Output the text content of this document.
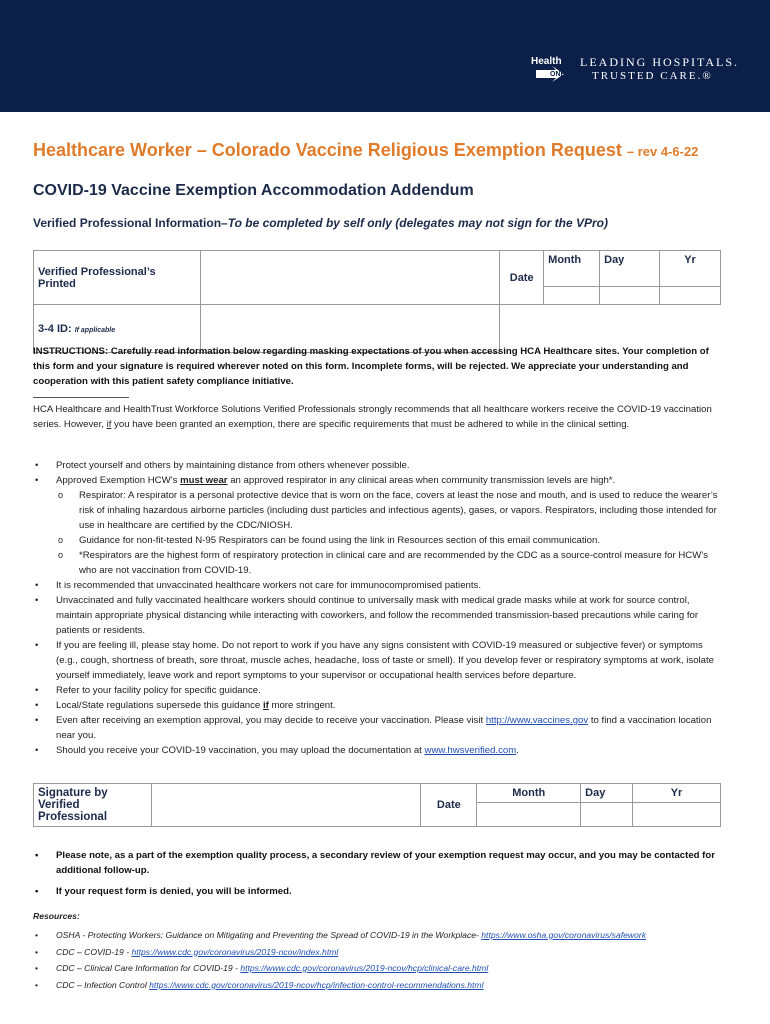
Health
ONE
LEADING HOSPITALS.
TRUSTED CARE.®
Healthcare Worker – Colorado Vaccine Religious Exemption Request – rev 4-6-22
COVID-19 Vaccine Exemption Accommodation Addendum
Verified Professional Information–To be completed by self only (delegates may not sign for the VPro)
Verified Professional’s Printed		Date	Month	Day	Yr

3-4 ID: If applicable					
INSTRUCTIONS: Carefully read information below regarding masking expectations of you when accessing HCA Healthcare sites. Your completion of this form and your signature is required wherever noted on this form. Incomplete forms, will be rejected. We appreciate your understanding and cooperation with this patient safety compliance initiative.
HCA Healthcare and HealthTrust Workforce Solutions Verified Professionals strongly recommends that all healthcare workers receive the COVID-19 vaccination series. However, if you have been granted an exemption, there are specific requirements that must be adhered to while in the clinical setting.
• Protect yourself and others by maintaining distance from others whenever possible.
• Approved Exemption HCW’s must wear an approved respirator in any clinical areas when community transmission levels are high*.
o Respirator: A respirator is a personal protective device that is worn on the face, covers at least the nose and mouth, and is used to reduce the wearer’s risk of inhaling hazardous airborne particles (including dust particles and infectious agents), gases, or vapors. Respirators, including those intended for use in healthcare are certified by the CDC/NIOSH.
o Guidance for non-fit-tested N-95 Respirators can be found using the link in Resources section of this email communication.
o *Respirators are the highest form of respiratory protection in clinical care and are recommended by the CDC as a source-control measure for HCW’s who are not vaccination from COVID-19.
• It is recommended that unvaccinated healthcare workers not care for immunocompromised patients.
• Unvaccinated and fully vaccinated healthcare workers should continue to universally mask with medical grade masks while at work for source control, maintain appropriate physical distancing while interacting with coworkers, and follow the recommended transmission-based precautions while caring for patients or residents.
• If you are feeling ill, please stay home. Do not report to work if you have any signs consistent with COVID-19 measured or subjective fever) or symptoms (e.g., cough, shortness of breath, sore throat, muscle aches, headache, loss of taste or smell). If you develop fever or respiratory symptoms at work, isolate yourself immediately, leave work and report symptoms to your supervisor or occupational health services before departure.
• Refer to your facility policy for specific guidance.
• Local/State regulations supersede this guidance if more stringent.
• Even after receiving an exemption approval, you may decide to receive your vaccination. Please visit http://www.vaccines.gov to find a vaccination location near you.
• Should you receive your COVID-19 vaccination, you may upload the documentation at www.hwsverified.com.
Signature by
Verified Professional		Date	Month	Day	Yr

• Please note, as a part of the exemption quality process, a secondary review of your exemption request may occur, and you may be contacted for additional follow-up.
• If your request form is denied, you will be informed.
Resources:
• OSHA - Protecting Workers: Guidance on Mitigating and Preventing the Spread of COVID-19 in the Workplace- https://www.osha.gov/coronavirus/safework
• CDC – COVID-19 - https://www.cdc.gov/coronavirus/2019-ncov/index.html
• CDC – Clinical Care Information for COVID-19 - https://www.cdc.gov/coronavirus/2019-ncov/hcp/clinical-care.html
• CDC – Infection Control https://www.cdc.gov/coronavirus/2019-ncov/hcp/infection-control-recommendations.html
